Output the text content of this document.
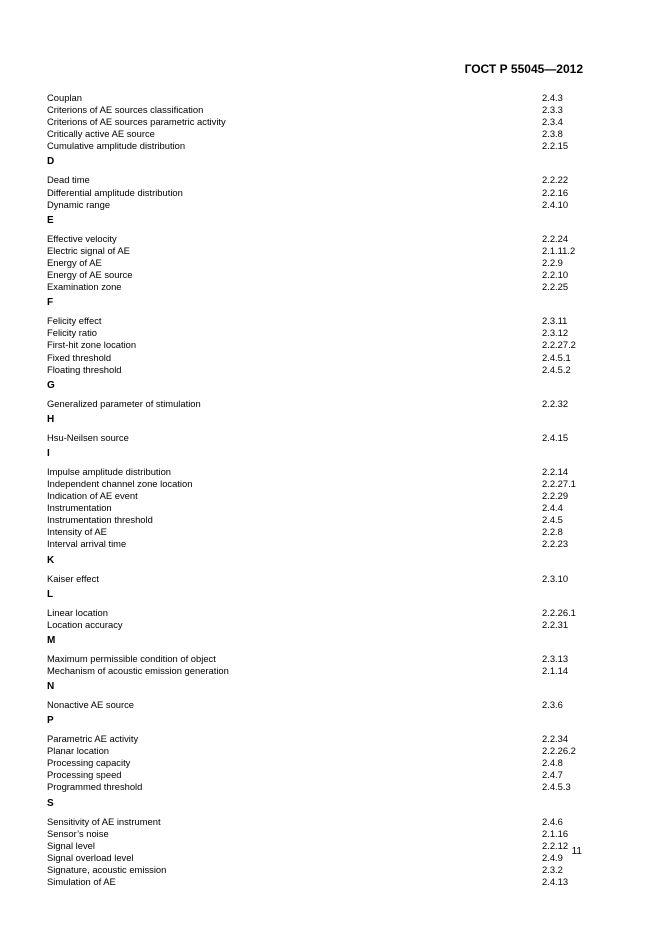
ГОСТ Р 55045—2012
Couplan	2.4.3
Criterions of AE sources classification	2.3.3
Criterions of AE sources parametric activity	2.3.4
Critically active AE source	2.3.8
Cumulative amplitude distribution	2.2.15
D
Dead time	2.2.22
Differential amplitude distribution	2.2.16
Dynamic range	2.4.10
E
Effective velocity	2.2.24
Electric signal of AE	2.1.11.2
Energy of AE	2.2.9
Energy of AE source	2.2.10
Examination zone	2.2.25
F
Felicity effect	2.3.11
Felicity ratio	2.3.12
First-hit zone location	2.2.27.2
Fixed threshold	2.4.5.1
Floating threshold	2.4.5.2
G
Generalized parameter of stimulation	2.2.32
H
Hsu-Neilsen source	2.4.15
I
Impulse amplitude distribution	2.2.14
Independent channel zone location	2.2.27.1
Indication of AE event	2.2.29
Instrumentation	2.4.4
Instrumentation threshold	2.4.5
Intensity of AE	2.2.8
Interval arrival time	2.2.23
K
Kaiser effect	2.3.10
L
Linear location	2.2.26.1
Location accuracy	2.2.31
M
Maximum permissible condition of object	2.3.13
Mechanism of acoustic emission generation	2.1.14
N
Nonactive AE source	2.3.6
P
Parametric AE activity	2.2.34
Planar location	2.2.26.2
Processing capacity	2.4.8
Processing speed	2.4.7
Programmed threshold	2.4.5.3
S
Sensitivity of AE instrument	2.4.6
Sensor’s noise	2.1.16
Signal level	2.2.12
Signal overload level	2.4.9
Signature, acoustic emission	2.3.2
Simulation of AE	2.4.13
11
